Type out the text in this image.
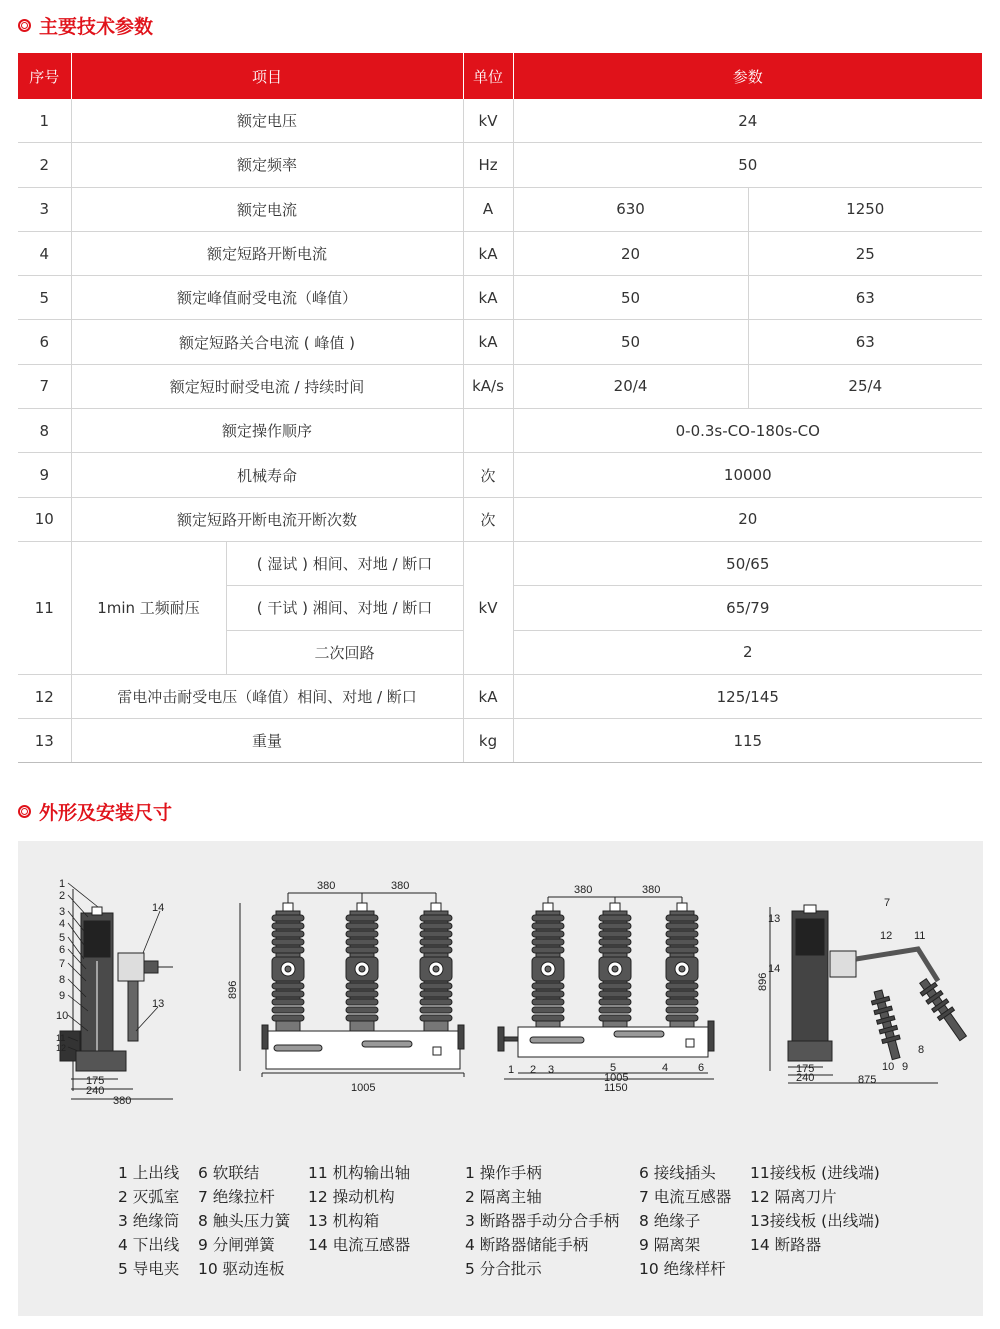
主要技术参数
序号	项目		单位	参数	
1	额定电压		kV	24	
2	额定频率		Hz	50	
3	额定电流		A	630	1250
4	额定短路开断电流		kA	20	25
5	额定峰值耐受电流（峰值）		kA	50	63
6	额定短路关合电流 ( 峰值 )		kA	50	63
7	额定短时耐受电流 / 持续时间		kA/s	20/4	25/4
8	额定操作顺序			0-0.3s-CO-180s-CO	
9	机械寿命		次	10000	
10	额定短路开断电流开断次数		次	20	
11	1min 工频耐压	( 湿试 ) 相间、对地 / 断口	kV	50/65	
		( 干试 ) 湘间、对地 / 断口		65/79	
		二次回路		2	
12	雷电冲击耐受电压（峰值）相间、对地 / 断口		kA	125/145	
13	重量		kg	115	
外形及安装尺寸
1
2
3
4
5
6
7
8
9
10
11
12
13
14
175
240
380
380	380
896
1005
380	380
1005
1150
1 2 3	4
5	6
896
175
240	875
7
8
9
10
11
12
13
14
1 上出线
2 灭弧室
3 绝缘筒
4 下出线
5 导电夹
6 软联结
7 绝缘拉杆
8 触头压力簧
9 分闸弹簧
10 驱动连板
11 机构输出轴
12 操动机构
13 机构箱
14 电流互感器
1 操作手柄
2 隔离主轴
3 断路器手动分合手柄
4 断路器储能手柄
5 分合批示
6 接线插头
7 电流互感器
8 绝缘子
9 隔离架
10 绝缘样杆
11接线板 (进线端)
12 隔离刀片
13接线板 (出线端)
14 断路器
